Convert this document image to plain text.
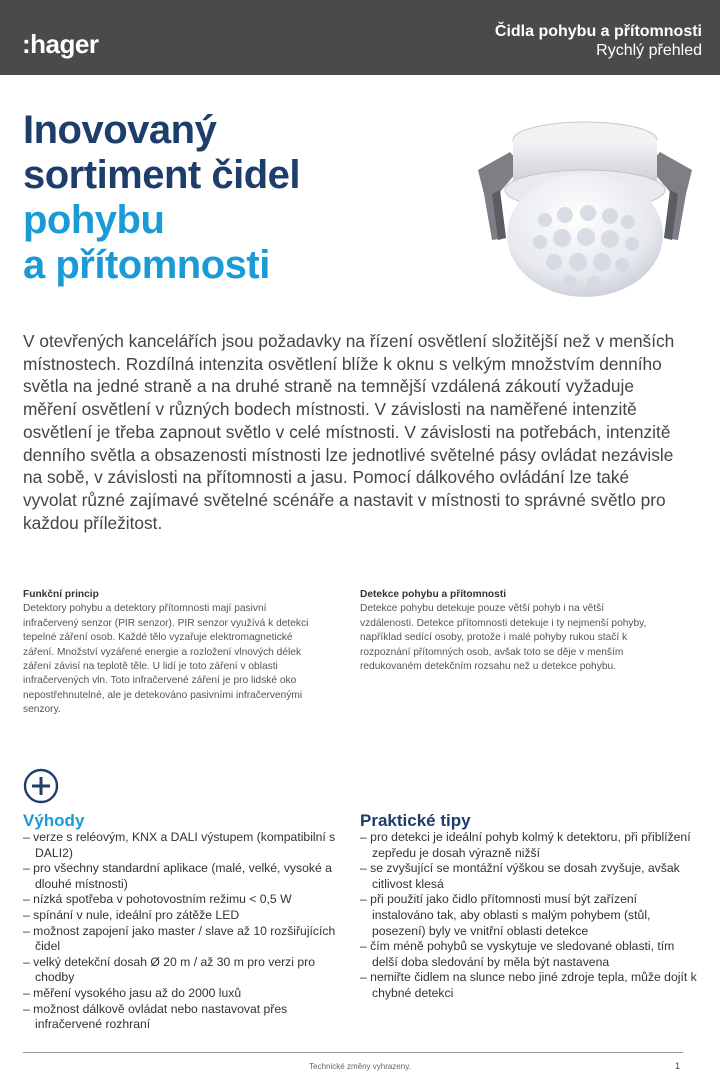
:hager	Čidla pohybu a přítomnosti
Rychlý přehled
Inovovaný
sortiment čidel
pohybu
a přítomnosti
V otevřených kancelářích jsou požadavky na řízení osvětlení složitější než v menších místnostech. Rozdílná intenzita osvětlení blíže k oknu s velkým množstvím denního světla na jedné straně a na druhé straně na temnější vzdálená zákoutí vyžaduje měření osvětlení v různých bodech místnosti. V závislosti na naměřené intenzitě osvětlení je třeba zapnout světlo v celé místnosti. V závislosti na potřebách, intenzitě denního světla a obsazenosti místnosti lze jednotlivé světelné pásy ovládat nezávisle na sobě, v závislosti na přítomnosti a jasu. Pomocí dálkového ovládání lze také vyvolat různé zajímavé světelné scénáře a nastavit v místnosti to správné světlo pro každou příležitost.
Funkční princip
Detektory pohybu a detektory přítomnosti mají pasivní infračervený senzor (PIR senzor). PIR senzor využívá k detekci tepelné záření osob. Každé tělo vyzařuje elektromagnetické záření. Množství vyzářené energie a rozložení vlnových délek záření závisí na teplotě těle. U lidí je toto záření v oblasti infračervených vln. Toto infračervené záření je pro lidské oko nepostřehnutelné, ale je detekováno pasivními infračervenými senzory.
Detekce pohybu a přítomnosti
Detekce pohybu detekuje pouze větší pohyb i na větší vzdálenosti. Detekce přítomnosti detekuje i ty nejmenší pohyby, například sedící osoby, protože i malé pohyby rukou stačí k rozpoznání přítomných osob, avšak toto se děje v menším redukovaném detekčním rozsahu než u detekce pohybu.
Výhody
– verze s reléovým, KNX a DALI výstupem (kompatibilní s DALI2)
– pro všechny standardní aplikace (malé, velké, vysoké a dlouhé místnosti)
– nízká spotřeba v pohotovostním režimu < 0,5 W
– spínání v nule, ideální pro zátěže LED
– možnost zapojení jako master / slave až 10 rozšiřujících čidel
– velký detekční dosah Ø 20 m / až 30 m pro verzi pro chodby
– měření vysokého jasu až do 2000 luxů
– možnost dálkově ovládat nebo nastavovat přes infračervené rozhraní
Praktické tipy
– pro detekci je ideální pohyb kolmý k detektoru, při přiblížení zepředu je dosah výrazně nižší
– se zvyšující se montážní výškou se dosah zvyšuje, avšak citlivost klesá
– při použití jako čidlo přítomnosti musí být zařízení instalováno tak, aby oblasti s malým pohybem (stůl, posezení) byly ve vnitřní oblasti detekce
– čím méně pohybů se vyskytuje ve sledované oblasti, tím delší doba sledování by měla být nastavena
– nemiřte čidlem na slunce nebo jiné zdroje tepla, může dojít k chybné detekci
Technické změny vyhrazeny.	1
